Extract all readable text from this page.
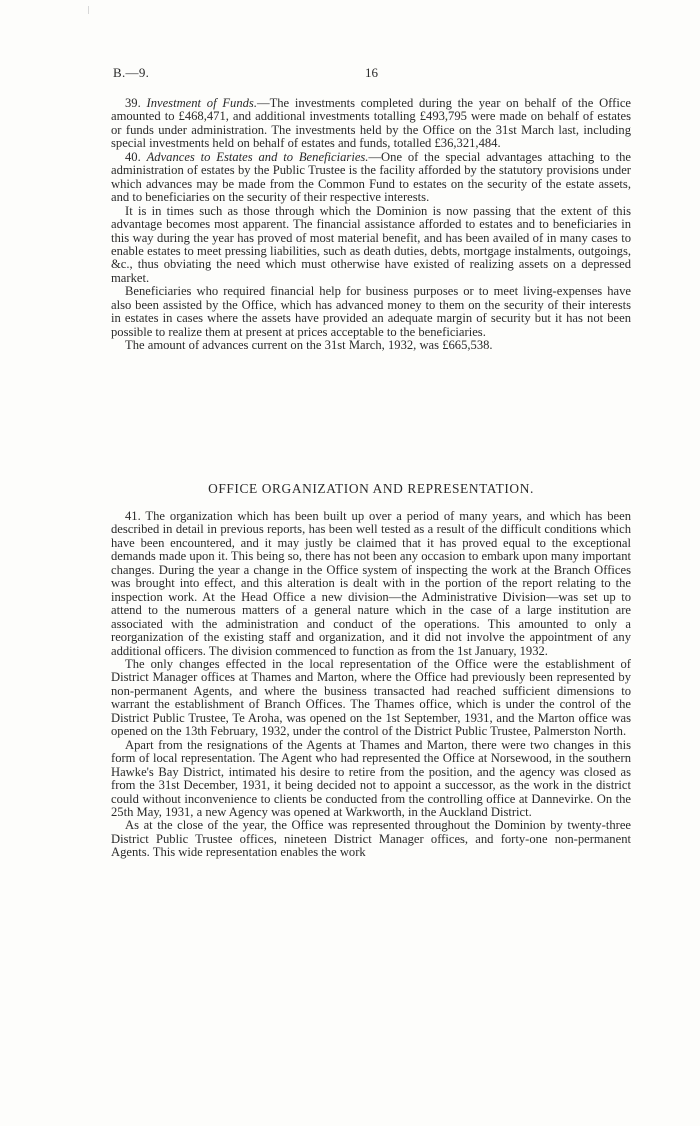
B.—9.	16

39. Investment of Funds.—The investments completed during the year on behalf of the Office amounted to £468,471, and additional investments totalling £493,795 were made on behalf of estates or funds under administration. The investments held by the Office on the 31st March last, including special investments held on behalf of estates and funds, totalled £36,321,484.

40. Advances to Estates and to Beneficiaries.—One of the special advantages attaching to the administration of estates by the Public Trustee is the facility afforded by the statutory provisions under which advances may be made from the Common Fund to estates on the security of the estate assets, and to beneficiaries on the security of their respective interests.

It is in times such as those through which the Dominion is now passing that the extent of this advantage becomes most apparent. The financial assistance afforded to estates and to beneficiaries in this way during the year has proved of most material benefit, and has been availed of in many cases to enable estates to meet pressing liabilities, such as death duties, debts, mortgage instalments, outgoings, &c., thus obviating the need which must otherwise have existed of realizing assets on a depressed market.

Beneficiaries who required financial help for business purposes or to meet living-expenses have also been assisted by the Office, which has advanced money to them on the security of their interests in estates in cases where the assets have provided an adequate margin of security but it has not been possible to realize them at present at prices acceptable to the beneficiaries.

The amount of advances current on the 31st March, 1932, was £665,538.

OFFICE ORGANIZATION AND REPRESENTATION.

41. The organization which has been built up over a period of many years, and which has been described in detail in previous reports, has been well tested as a result of the difficult conditions which have been encountered, and it may justly be claimed that it has proved equal to the exceptional demands made upon it. This being so, there has not been any occasion to embark upon many important changes. During the year a change in the Office system of inspecting the work at the Branch Offices was brought into effect, and this alteration is dealt with in the portion of the report relating to the inspection work. At the Head Office a new division—the Administrative Division—was set up to attend to the numerous matters of a general nature which in the case of a large institution are associated with the administration and conduct of the operations. This amounted to only a reorganization of the existing staff and organization, and it did not involve the appointment of any additional officers. The division commenced to function as from the 1st January, 1932.

The only changes effected in the local representation of the Office were the establishment of District Manager offices at Thames and Marton, where the Office had previously been represented by non-permanent Agents, and where the business transacted had reached sufficient dimensions to warrant the establishment of Branch Offices. The Thames office, which is under the control of the District Public Trustee, Te Aroha, was opened on the 1st September, 1931, and the Marton office was opened on the 13th February, 1932, under the control of the District Public Trustee, Palmerston North.

Apart from the resignations of the Agents at Thames and Marton, there were two changes in this form of local representation. The Agent who had represented the Office at Norsewood, in the southern Hawke's Bay District, intimated his desire to retire from the position, and the agency was closed as from the 31st December, 1931, it being decided not to appoint a successor, as the work in the district could without inconvenience to clients be conducted from the controlling office at Dannevirke. On the 25th May, 1931, a new Agency was opened at Warkworth, in the Auckland District.

As at the close of the year, the Office was represented throughout the Dominion by twenty-three District Public Trustee offices, nineteen District Manager offices, and forty-one non-permanent Agents. This wide representation enables the work
